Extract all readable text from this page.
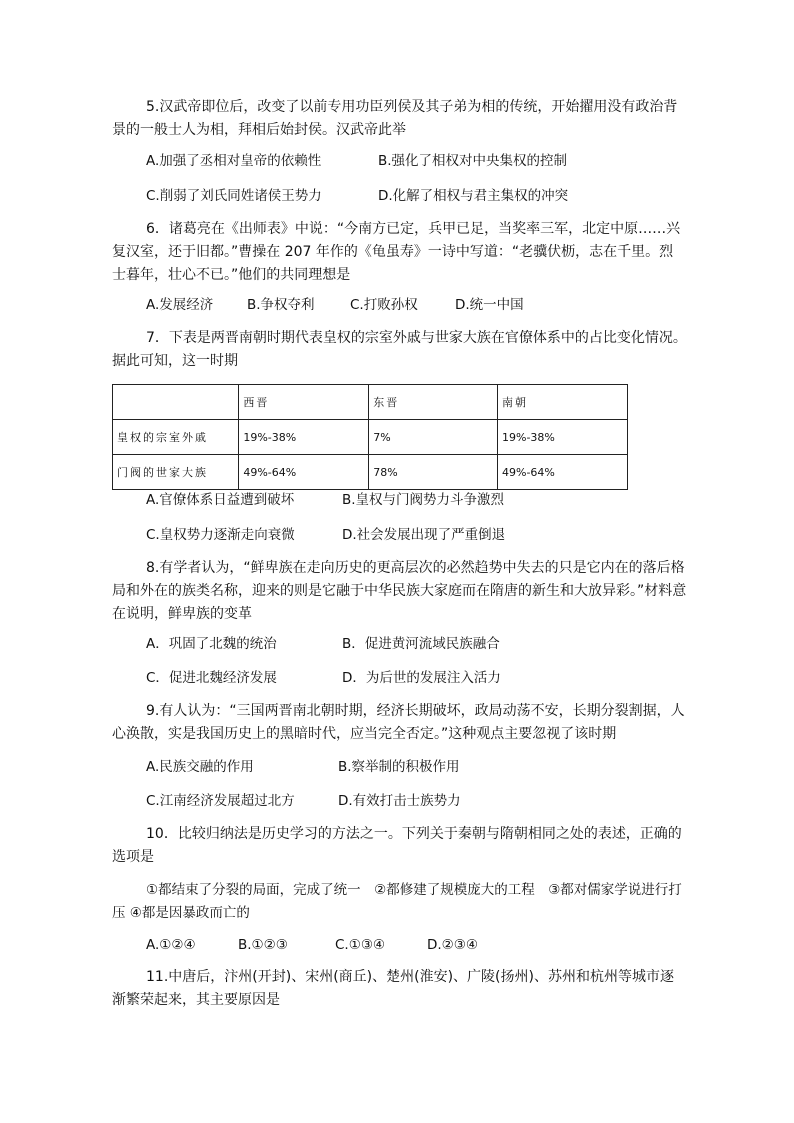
5.汉武帝即位后，改变了以前专用功臣列侯及其子弟为相的传统，开始擢用没有政治背景的一般士人为相，拜相后始封侯。汉武帝此举

A.加强了丞相对皇帝的依赖性	B.强化了相权对中央集权的控制
C.削弱了刘氏同姓诸侯王势力	D.化解了相权与君主集权的冲突

6．诸葛亮在《出师表》中说：“今南方已定，兵甲已足，当奖率三军，北定中原……兴复汉室，还于旧都。”曹操在 207 年作的《龟虽寿》一诗中写道：“老骥伏枥，志在千里。烈士暮年，壮心不已。”他们的共同理想是

A.发展经济 B.争权夺利	C.打败孙权	D.统一中国

7．下表是两晋南朝时期代表皇权的宗室外戚与世家大族在官僚体系中的占比变化情况。据此可知，这一时期

	西晋	东晋	南朝
皇权的宗室外戚	19%-38%	7%	19%-38%
门阀的世家大族	49%-64%	78%	49%-64%
A.官僚体系日益遭到破坏	B.皇权与门阀势力斗争激烈
C.皇权势力逐渐走向衰微	D.社会发展出现了严重倒退

8.有学者认为，“鲜卑族在走向历史的更高层次的必然趋势中失去的只是它内在的落后格局和外在的族类名称，迎来的则是它融于中华民族大家庭而在隋唐的新生和大放异彩。”材料意在说明，鲜卑族的变革

A．巩固了北魏的统治	B．促进黄河流域民族融合
C．促进北魏经济发展	D．为后世的发展注入活力

9.有人认为：“三国两晋南北朝时期，经济长期破坏，政局动荡不安，长期分裂割据，人心涣散，实是我国历史上的黑暗时代，应当完全否定。”这种观点主要忽视了该时期

A.民族交融的作用	B.察举制的积极作用
C.江南经济发展超过北方	D.有效打击士族势力

10．比较归纳法是历史学习的方法之一。下列关于秦朝与隋朝相同之处的表述，正确的选项是

①都结束了分裂的局面，完成了统一　②都修建了规模庞大的工程　③都对儒家学说进行打压 ④都是因暴政而亡的

A.①②④	B.①②③	C.①③④	D.②③④

11.中唐后，汴州(开封)、宋州(商丘)、楚州(淮安)、广陵(扬州)、苏州和杭州等城市逐渐繁荣起来，其主要原因是
